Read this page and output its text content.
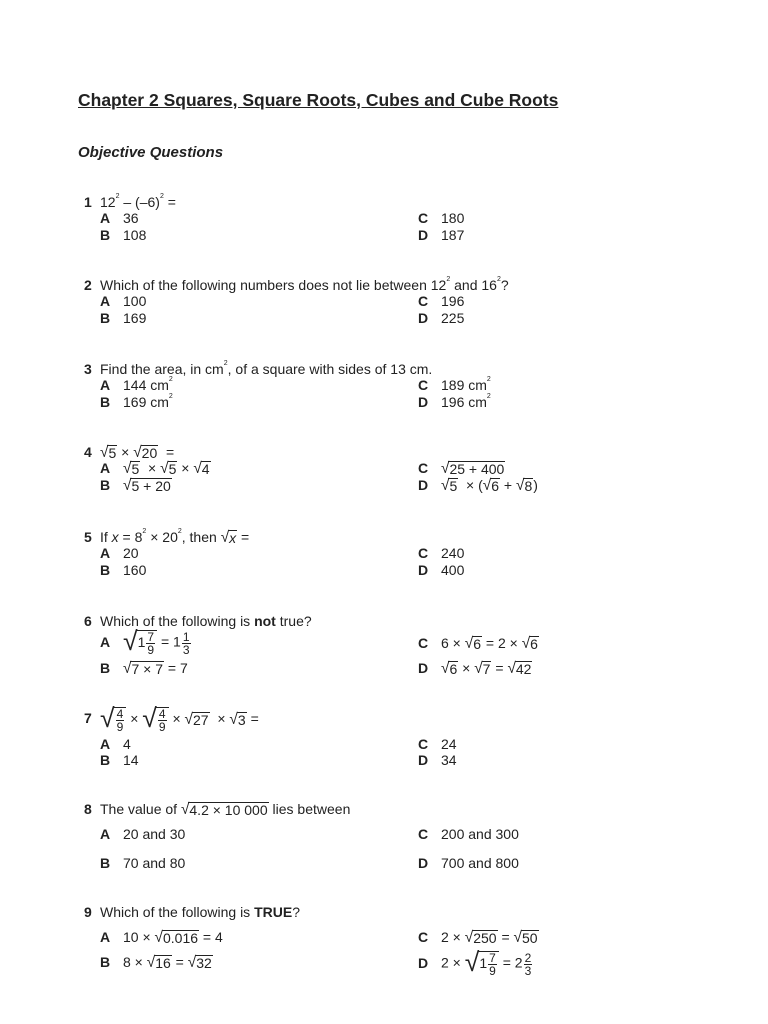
Chapter 2 Squares, Square Roots, Cubes and Cube Roots
Objective Questions
1 $12^2 - (-6)^2$ =
A 36
B 108
C 180
D 187
2 Which of the following numbers does not lie between $12^2$ and $16^2$?
A 100
B 169
C 196
D 225
3 Find the area, in $cm^2$, of a square with sides of 13 cm.
A 144 $cm^2$
B 169 $cm^2$
C 189 $cm^2$
D 196 $cm^2$
4 √ 5 × √ 20 =
A √ 5 × √ 5 × √ 4
B √ 5 + 20
C √ 25 + 400
D √ 5 × ( √ 6 + √ 8 )
5 If $x = 8^2 \times 20^2$, then √ x =
A 20
B 160
C 240
D 400
6 Which of the following is not true?
A √ $1 \frac{7}{9} = 1 \frac{1}{3}$
B √ 7 × 7 = 7
C 6 × √ 6 = 2 × √ 6
D √ 6 × √ 7 = √ 42
7 √ $\frac{4}{9}$ × √ $\frac{4}{9}$ × √ 27 × √ 3 =
A 4
B 14
C 24
D 34
8 The value of √ 4.2 × 10 000 lies between
A 20 and 30
B 70 and 80
C 200 and 300
D 700 and 800
9 Which of the following is TRUE?
A 10 × √ 0.016 = 4
B 8 × √ 16 = √ 32
C 2 × √ 250 = √ 50
D 2 × √ $1 \frac{7}{9} = 2 \frac{2}{3}$
